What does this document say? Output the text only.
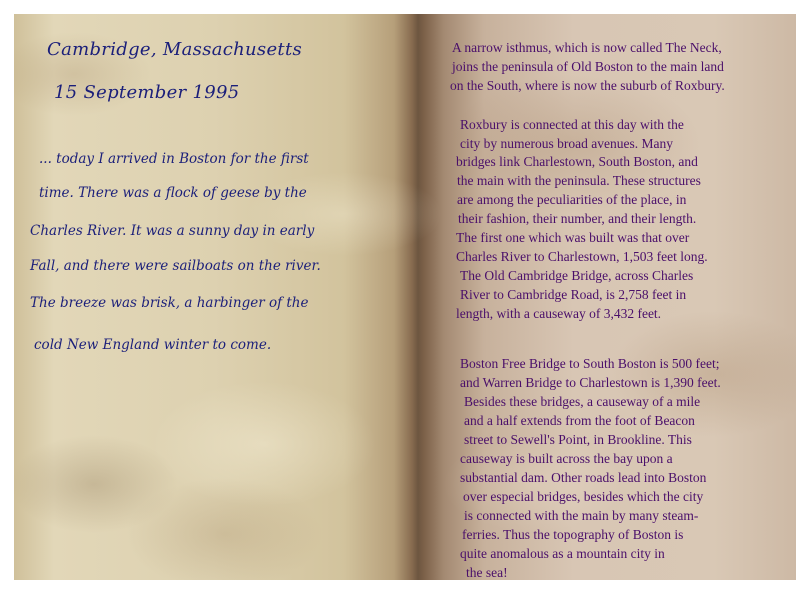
Cambridge, Massachusetts
15 September 1995
... today I arrived in Boston for the first
time. There was a flock of geese by the
Charles River. It was a sunny day in early
Fall, and there were sailboats on the river.
The breeze was brisk, a harbinger of the
cold New England winter to come.
A narrow isthmus, which is now called The Neck,
joins the peninsula of Old Boston to the main land
on the South, where is now the suburb of Roxbury.
Roxbury is connected at this day with the
city by numerous broad avenues. Many
bridges link Charlestown, South Boston, and
the main with the peninsula. These structures
are among the peculiarities of the place, in
their fashion, their number, and their length.
The first one which was built was that over
Charles River to Charlestown, 1,503 feet long.
The Old Cambridge Bridge, across Charles
River to Cambridge Road, is 2,758 feet in
length, with a causeway of 3,432 feet.
Boston Free Bridge to South Boston is 500 feet;
and Warren Bridge to Charlestown is 1,390 feet.
Besides these bridges, a causeway of a mile
and a half extends from the foot of Beacon
street to Sewell's Point, in Brookline. This
causeway is built across the bay upon a
substantial dam. Other roads lead into Boston
over especial bridges, besides which the city
is connected with the main by many steam-
ferries. Thus the topography of Boston is
quite anomalous as a mountain city in
the sea!
